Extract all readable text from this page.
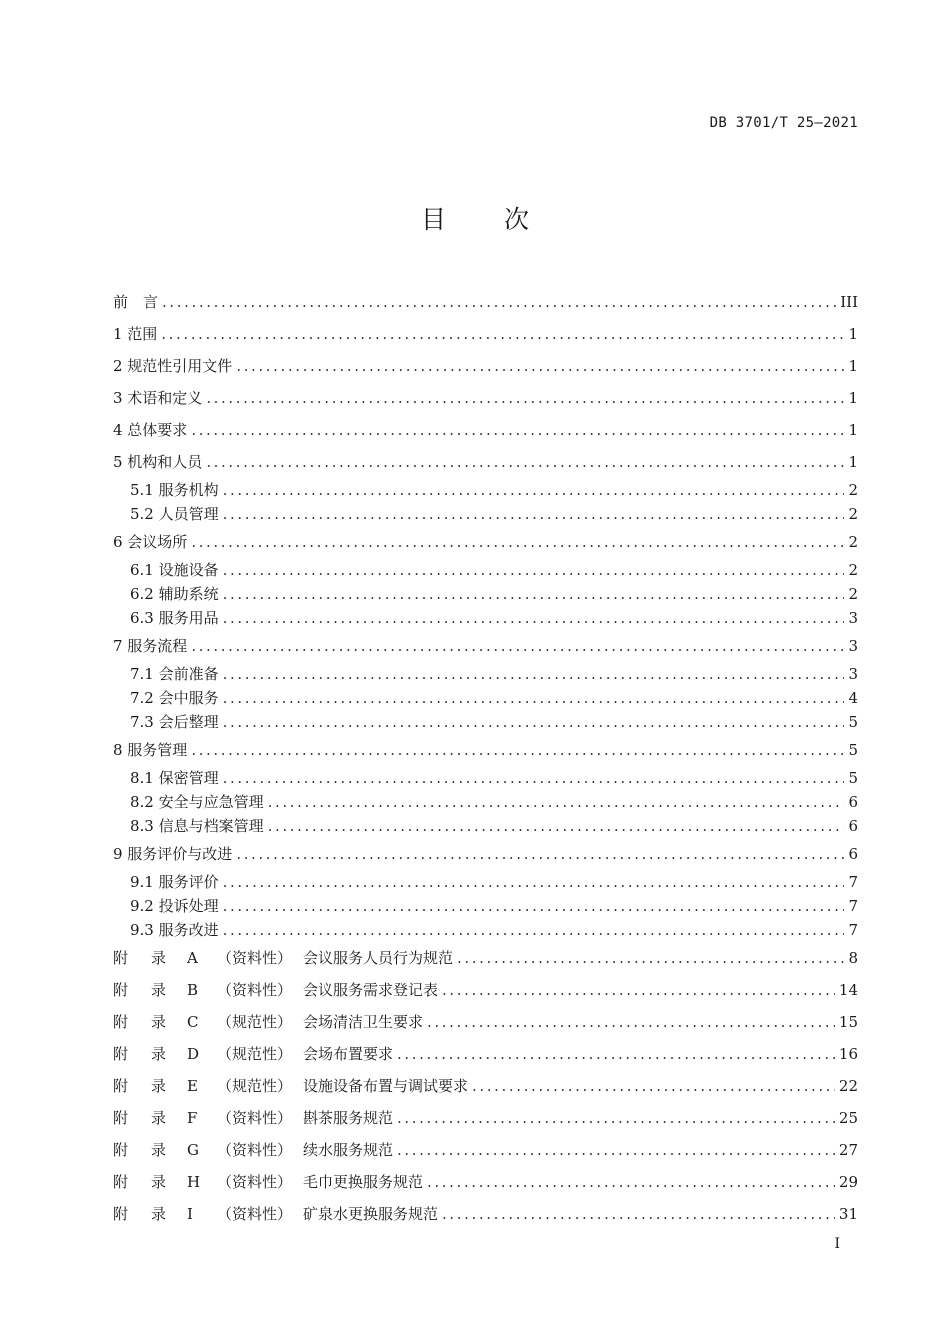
DB 3701/T 25—2021
目次
前　言 .....	III
1 范围 .....	1
2 规范性引用文件 .....	1
3 术语和定义 .....	1
4 总体要求 .....	1
5 机构和人员 .....	1
5.1 服务机构 .....	2
5.2 人员管理 .....	2
6 会议场所 .....	2
6.1 设施设备 .....	2
6.2 辅助系统 .....	2
6.3 服务用品 .....	3
7 服务流程 .....	3
7.1 会前准备 .....	3
7.2 会中服务 .....	4
7.3 会后整理 .....	5
8 服务管理 .....	5
8.1 保密管理 .....	5
8.2 安全与应急管理 .....	6
8.3 信息与档案管理 .....	6
9 服务评价与改进 .....	6
9.1 服务评价 .....	7
9.2 投诉处理 .....	7
9.3 服务改进 .....	7
附 录 A （资料性） 会议服务人员行为规范 .....	8
附 录 B （资料性） 会议服务需求登记表 .....	14
附 录 C （规范性） 会场清洁卫生要求 .....	15
附 录 D （规范性） 会场布置要求 .....	16
附 录 E （规范性） 设施设备布置与调试要求 .....	22
附 录 F （资料性） 斟茶服务规范 .....	25
附 录 G （资料性） 续水服务规范 .....	27
附 录 H （资料性） 毛巾更换服务规范 .....	29
附 录 I （资料性） 矿泉水更换服务规范 .....	31
I
